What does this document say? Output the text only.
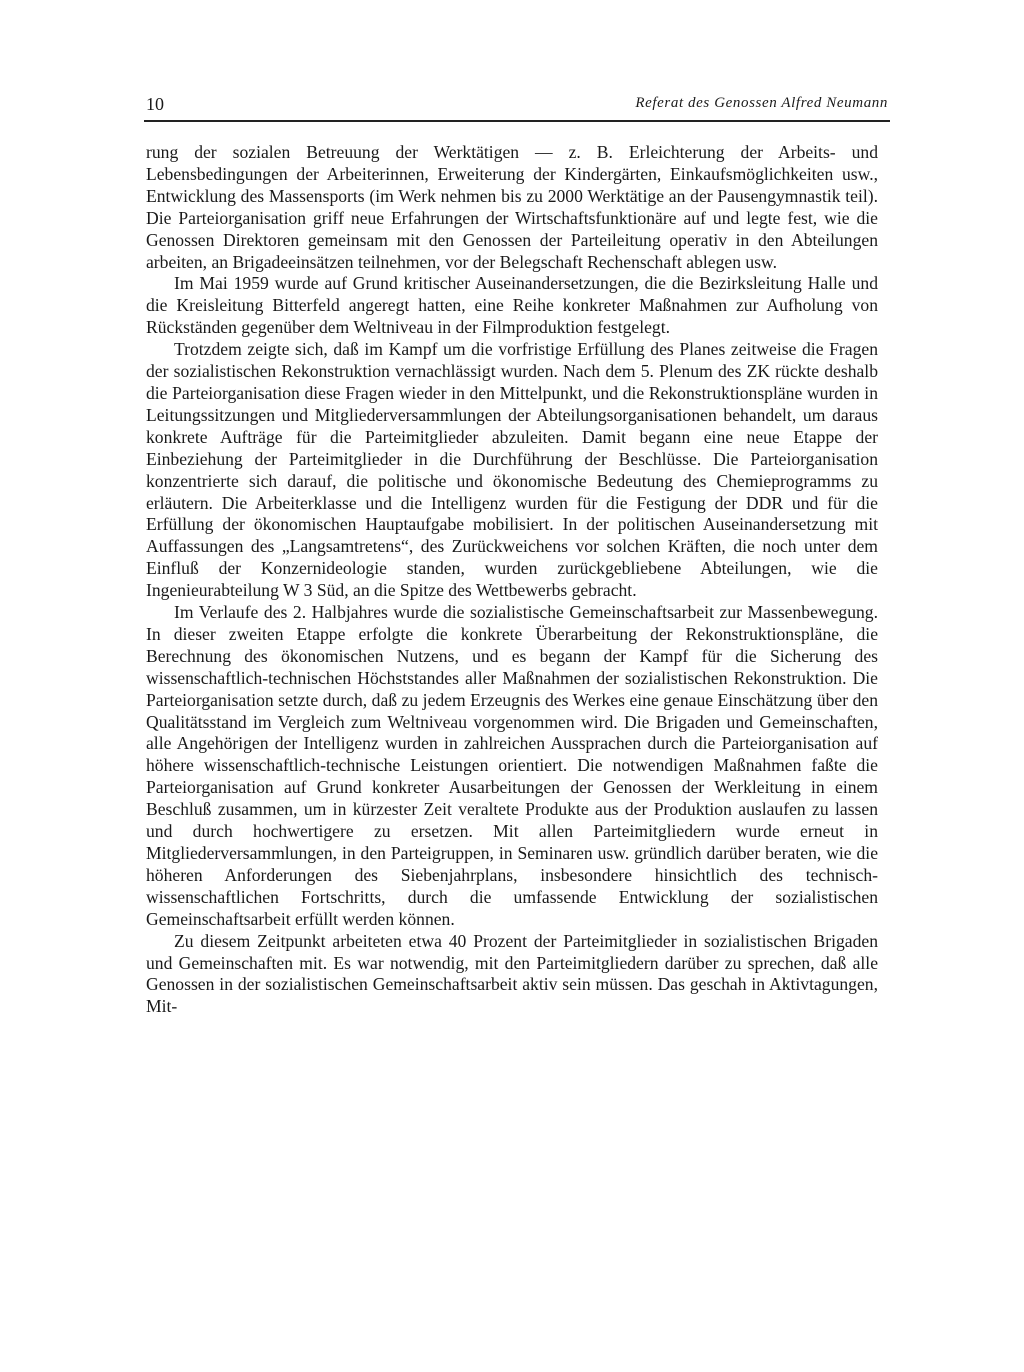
10	Referat des Genossen Alfred Neumann

rung der sozialen Betreuung der Werktätigen — z. B. Erleichterung der Arbeits- und Lebensbedingungen der Arbeiterinnen, Erweiterung der Kindergärten, Einkaufsmöglichkeiten usw., Entwicklung des Massensports (im Werk nehmen bis zu 2000 Werktätige an der Pausengymnastik teil). Die Parteiorganisation griff neue Erfahrungen der Wirtschaftsfunktionäre auf und legte fest, wie die Genossen Direktoren gemeinsam mit den Genossen der Parteileitung operativ in den Abteilungen arbeiten, an Brigadeeinsätzen teilnehmen, vor der Belegschaft Rechenschaft ablegen usw.

Im Mai 1959 wurde auf Grund kritischer Auseinandersetzungen, die die Bezirksleitung Halle und die Kreisleitung Bitterfeld angeregt hatten, eine Reihe konkreter Maßnahmen zur Aufholung von Rückständen gegenüber dem Weltniveau in der Filmproduktion festgelegt.

Trotzdem zeigte sich, daß im Kampf um die vorfristige Erfüllung des Planes zeitweise die Fragen der sozialistischen Rekonstruktion vernachlässigt wurden. Nach dem 5. Plenum des ZK rückte deshalb die Parteiorganisation diese Fragen wieder in den Mittelpunkt, und die Rekonstruktionspläne wurden in Leitungssitzungen und Mitgliederversammlungen der Abteilungsorganisationen behandelt, um daraus konkrete Aufträge für die Parteimitglieder abzuleiten. Damit begann eine neue Etappe der Einbeziehung der Parteimitglieder in die Durchführung der Beschlüsse. Die Parteiorganisation konzentrierte sich darauf, die politische und ökonomische Bedeutung des Chemieprogramms zu erläutern. Die Arbeiterklasse und die Intelligenz wurden für die Festigung der DDR und für die Erfüllung der ökonomischen Hauptaufgabe mobilisiert. In der politischen Auseinandersetzung mit Auffassungen des „Langsamtretens“, des Zurückweichens vor solchen Kräften, die noch unter dem Einfluß der Konzernideologie standen, wurden zurückgebliebene Abteilungen, wie die Ingenieurabteilung W 3 Süd, an die Spitze des Wettbewerbs gebracht.

Im Verlaufe des 2. Halbjahres wurde die sozialistische Gemeinschaftsarbeit zur Massenbewegung. In dieser zweiten Etappe erfolgte die konkrete Überarbeitung der Rekonstruktionspläne, die Berechnung des ökonomischen Nutzens, und es begann der Kampf für die Sicherung des wissenschaftlich-technischen Höchststandes aller Maßnahmen der sozialistischen Rekonstruktion. Die Parteiorganisation setzte durch, daß zu jedem Erzeugnis des Werkes eine genaue Einschätzung über den Qualitätsstand im Vergleich zum Weltniveau vorgenommen wird. Die Brigaden und Gemeinschaften, alle Angehörigen der Intelligenz wurden in zahlreichen Aussprachen durch die Parteiorganisation auf höhere wissenschaftlich-technische Leistungen orientiert. Die notwendigen Maßnahmen faßte die Parteiorganisation auf Grund konkreter Ausarbeitungen der Genossen der Werkleitung in einem Beschluß zusammen, um in kürzester Zeit veraltete Produkte aus der Produktion auslaufen zu lassen und durch hochwertigere zu ersetzen. Mit allen Parteimitgliedern wurde erneut in Mitgliederversammlungen, in den Parteigruppen, in Seminaren usw. gründlich darüber beraten, wie die höheren Anforderungen des Siebenjahrplans, insbesondere hinsichtlich des technisch-wissenschaftlichen Fortschritts, durch die umfassende Entwicklung der sozialistischen Gemeinschaftsarbeit erfüllt werden können.

Zu diesem Zeitpunkt arbeiteten etwa 40 Prozent der Parteimitglieder in sozialistischen Brigaden und Gemeinschaften mit. Es war notwendig, mit den Parteimitgliedern darüber zu sprechen, daß alle Genossen in der sozialistischen Gemeinschaftsarbeit aktiv sein müssen. Das geschah in Aktivtagungen, Mit-
